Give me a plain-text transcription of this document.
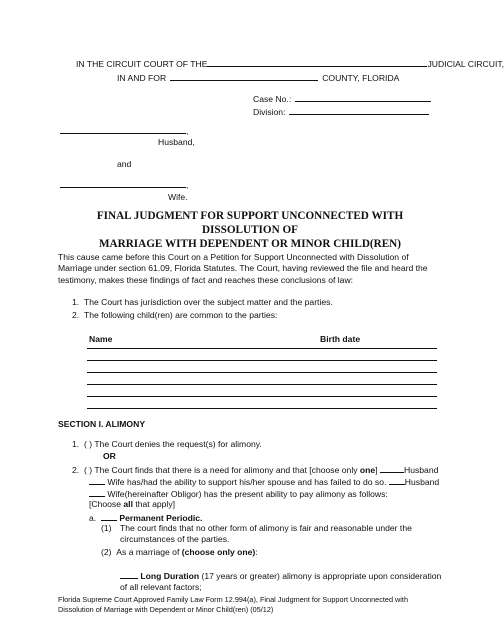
IN THE CIRCUIT COURT OF THE	JUDICIAL CIRCUIT,
IN AND FOR	COUNTY, FLORIDA
Case No.:
Division:
,
Husband,
and
,
Wife.
FINAL JUDGMENT FOR SUPPORT UNCONNECTED WITH DISSOLUTION OF
MARRIAGE WITH DEPENDENT OR MINOR CHILD(REN)
This cause came before this Court on a Petition for Support Unconnected with Dissolution of Marriage under section 61.09, Florida Statutes. The Court, having reviewed the file and heard the testimony, makes these findings of fact and reaches these conclusions of law:
1. The Court has jurisdiction over the subject matter and the parties.
2. The following child(ren) are common to the parties:
Name	Birth date
SECTION I. ALIMONY
1. ( ) The Court denies the request(s) for alimony.
OR
2. ( ) The Court finds that there is a need for alimony and that [choose only one]	Husband
Wife has/had the ability to support his/her spouse and has failed to do so. Husband
Wife(hereinafter Obligor) has the present ability to pay alimony as follows:
[Choose all that apply]
a.	Permanent Periodic.
(1) The court finds that no other form of alimony is fair and reasonable under the circumstances of the parties.
(2) As a marriage of (choose only one):
Long Duration (17 years or greater) alimony is appropriate upon consideration of all relevant factors;
Florida Supreme Court Approved Family Law Form 12.994(a), Final Judgment for Support Unconnected with
Dissolution of Marriage with Dependent or Minor Child(ren) (05/12)
